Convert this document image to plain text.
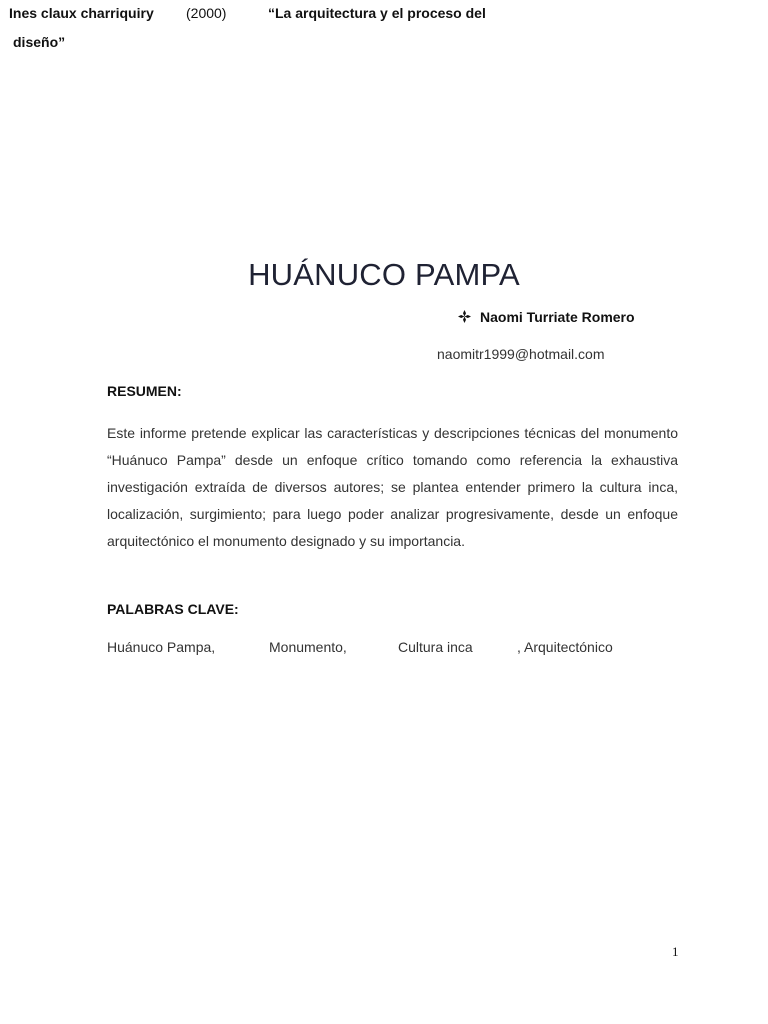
Ines claux charriquiry (2000)	“La arquitectura y el proceso del
diseño”
HUÁNUCO PAMPA
Naomi Turriate Romero
naomitr1999@hotmail.com
RESUMEN:

Este informe pretende explicar las características y descripciones técnicas del monumento “Huánuco Pampa” desde un enfoque crítico tomando como referencia la exhaustiva investigación extraída de diversos autores; se plantea entender primero la cultura inca, localización, surgimiento; para luego poder analizar progresivamente, desde un enfoque arquitectónico el monumento designado y su importancia.

PALABRAS CLAVE:
Huánuco Pampa,	Monumento,	Cultura inca	, Arquitectónico
1
